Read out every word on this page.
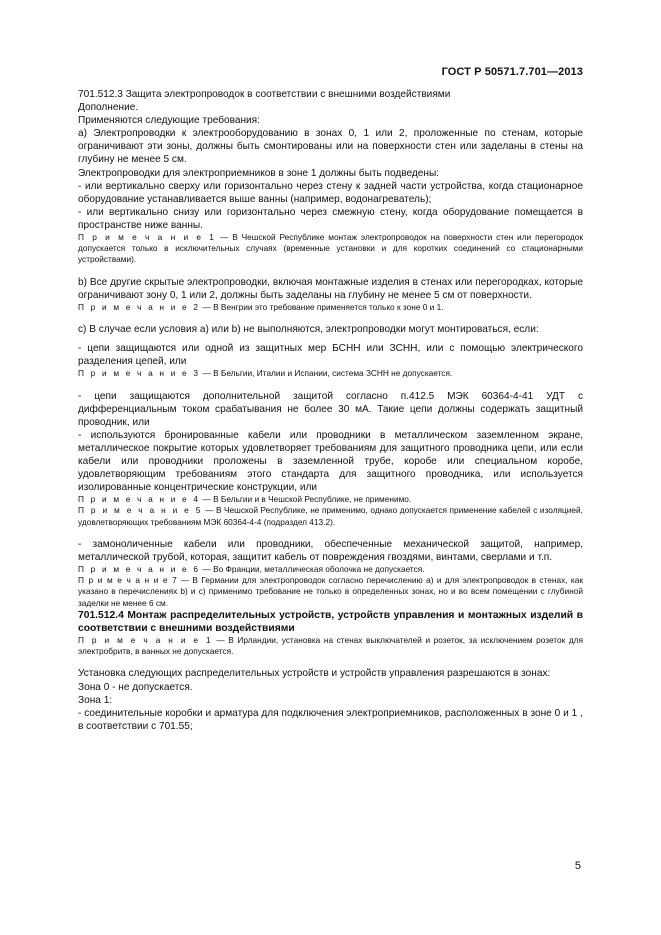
ГОСТ Р 50571.7.701—2013

701.512.3 Защита электропроводок в соответствии с внешними воздействиями

Дополнение.

Применяются следующие требования:

а) Электропроводки к электрооборудованию в зонах 0, 1 или 2, проложенные по стенам, которые ограничивают эти зоны, должны быть смонтированы или на поверхности стен или заделаны в стены на глубину не менее 5 см.

Электропроводки для электроприемников в зоне 1 должны быть подведены:

- или вертикально сверху или горизонтально через стену к задней части устройства, когда стационарное оборудование устанавливается выше ванны (например, водонагреватель);

- или вертикально снизу или горизонтально через смежную стену, когда оборудование помещается в пространстве ниже ванны.

П р и м е ч а н и е 1 — В Чешской Республике монтаж электропроводок на поверхности стен или перегородок допускается только в исключительных случаях (временные установки и для коротких соединений со стационарными устройствами).

b) Все другие скрытые электропроводки, включая монтажные изделия в стенах или перегородках, которые ограничивают зону 0, 1 или 2, должны быть заделаны на глубину не менее 5 см от поверхности.

П р и м е ч а н и е 2 — В Венгрии это требование применяется только к зоне 0 и 1.

с) В случае если условия а) или b) не выполняются, электропроводки могут монтироваться, если:

- цепи защищаются или одной из защитных мер БСНН или ЗСНН, или с помощью электрического разделения цепей, или

П р и м е ч а н и е 3 — В Бельгии, Италии и Испании, система ЗСНН не допускается.

- цепи защищаются дополнительной защитой согласно п.412.5 МЭК 60364-4-41 УДТ с дифференциальным током срабатывания не более 30 мА. Такие цепи должны содержать защитный проводник, или

- используются бронированные кабели или проводники в металлическом заземленном экране, металлическое покрытие которых удовлетворяет требованиям для защитного проводника цепи, или если кабели или проводники проложены в заземленной трубе, коробе или специальном коробе, удовлетворяющим требованиям этого стандарта для защитного проводника, или используется изолированные концентрические конструкции, или

П р и м е ч а н и е 4 — В Бельгии и в Чешской Республике, не применимо.

П р и м е ч а н и е 5 — В Чешской Республике, не применимо, однако допускается применение кабелей с изоляцией, удовлетворяющих требованиям МЭК 60364-4-4 (подраздел 413.2).

- замоноличенные кабели или проводники, обеспеченные механической защитой, например, металлической трубой, которая, защитит кабель от повреждения гвоздями, винтами, сверлами и т.п.

П р и м е ч а н и е 6 — Во Франции, металлическая оболочка не допускается.

П р и м е ч а н и е 7 — В Германии для электропроводок согласно перечислению а) и для электропроводок в стенах, как указано в перечислениях b) и с) применимо требование не только в определенных зонах, но и во всем помещении с глубиной заделки не менее 6 см.

701.512.4 Монтаж распределительных устройств, устройств управления и монтажных изделий в соответствии с внешними воздействиями

П р и м е ч а н и е 1 — В Ирландии, установка на стенах выключателей и розеток, за исключением розеток для электробритв, в ванных не допускается.

Установка следующих распределительных устройств и устройств управления разрешаются в зонах:

Зона 0 - не допускается.

Зона 1:

- соединительные коробки и арматура для подключения электроприемников, расположенных в зоне 0 и 1 , в соответствии с 701.55;

5
